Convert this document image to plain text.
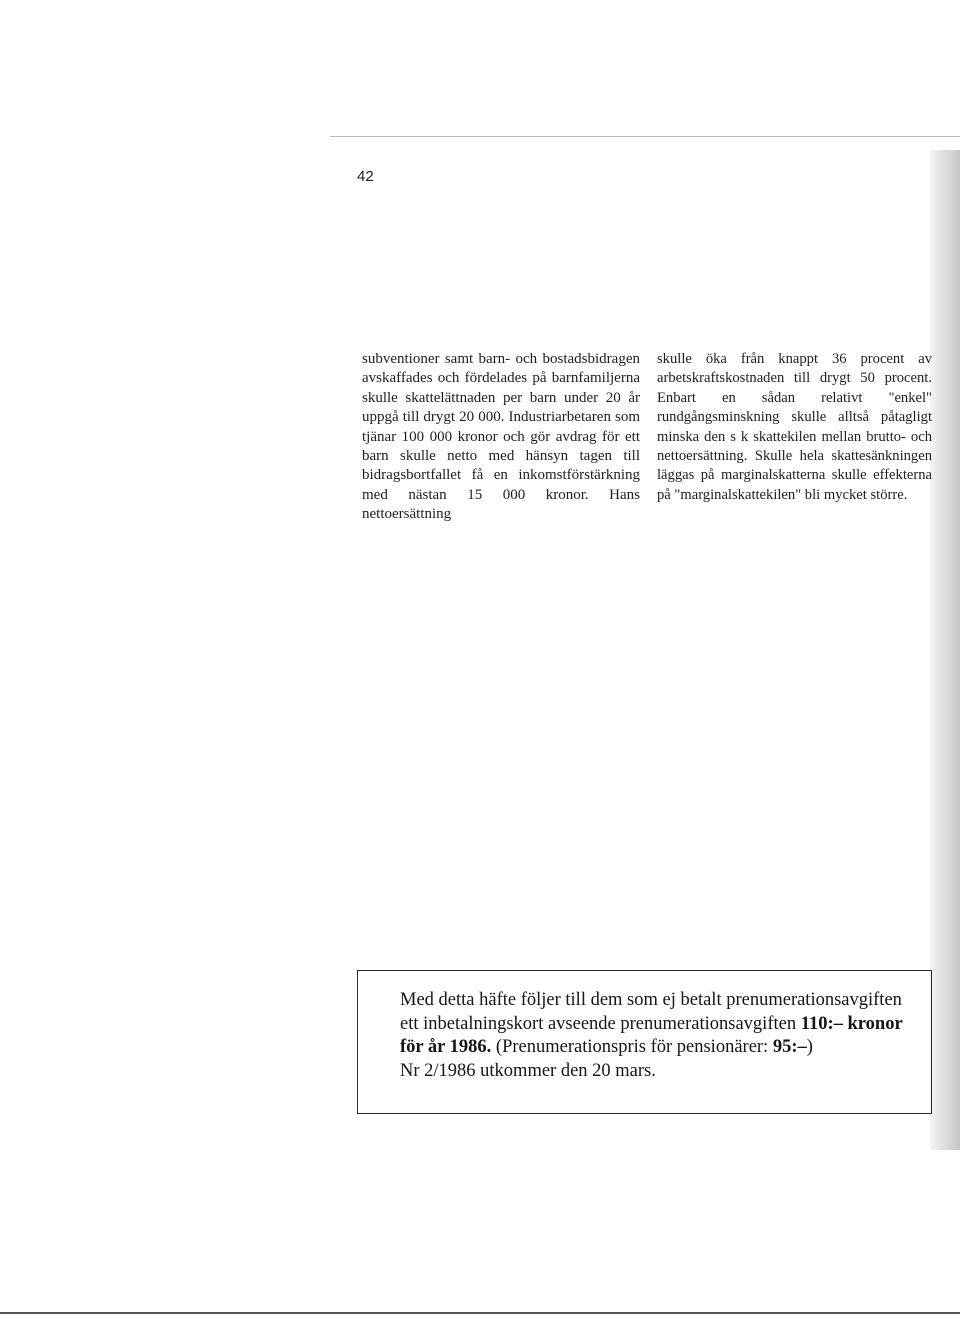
42
subventioner samt barn- och bostadsbidragen avskaffades och fördelades på barnfamiljerna skulle skattelättnaden per barn under 20 år uppgå till drygt 20 000. Industriarbetaren som tjänar 100 000 kronor och gör avdrag för ett barn skulle netto med hänsyn tagen till bidragsbortfallet få en inkomstförstärkning med nästan 15 000 kronor. Hans nettoersättning
skulle öka från knappt 36 procent av arbetskraftskostnaden till drygt 50 procent. Enbart en sådan relativt "enkel" rundgångsminskning skulle alltså påtagligt minska den s k skattekilen mellan brutto- och nettoersättning. Skulle hela skattesänkningen läggas på marginalskatterna skulle effekterna på "marginalskattekilen" bli mycket större.

Med detta häfte följer till dem som ej betalt prenumerationsavgiften ett inbetalningskort avseende prenumerationsavgiften 110:– kronor för år 1986. (Prenumerationspris för pensionärer: 95:–)

Nr 2/1986 utkommer den 20 mars.
